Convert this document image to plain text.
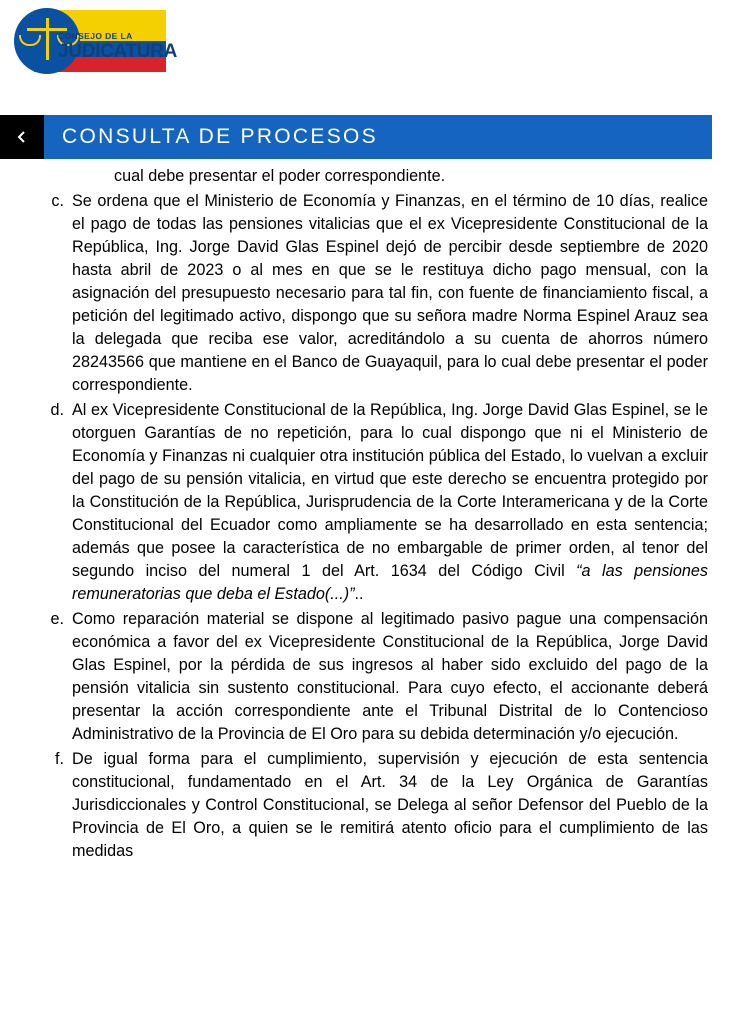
CONSEJO DE LA
JUDICATURA
CONSULTA DE PROCESOS

cual debe presentar el poder correspondiente.

c. Se ordena que el Ministerio de Economía y Finanzas, en el término de 10 días, realice el pago de todas las pensiones vitalicias que el ex Vicepresidente Constitucional de la República, Ing. Jorge David Glas Espinel dejó de percibir desde septiembre de 2020 hasta abril de 2023 o al mes en que se le restituya dicho pago mensual, con la asignación del presupuesto necesario para tal fin, con fuente de financiamiento fiscal, a petición del legitimado activo, dispongo que su señora madre Norma Espinel Arauz sea la delegada que reciba ese valor, acreditándolo a su cuenta de ahorros número 28243566 que mantiene en el Banco de Guayaquil, para lo cual debe presentar el poder correspondiente.
d. Al ex Vicepresidente Constitucional de la República, Ing. Jorge David Glas Espinel, se le otorguen Garantías de no repetición, para lo cual dispongo que ni el Ministerio de Economía y Finanzas ni cualquier otra institución pública del Estado, lo vuelvan a excluir del pago de su pensión vitalicia, en virtud que este derecho se encuentra protegido por la Constitución de la República, Jurisprudencia de la Corte Interamericana y de la Corte Constitucional del Ecuador como ampliamente se ha desarrollado en esta sentencia; además que posee la característica de no embargable de primer orden, al tenor del segundo inciso del numeral 1 del Art. 1634 del Código Civil “a las pensiones remuneratorias que deba el Estado(...)”..
e. Como reparación material se dispone al legitimado pasivo pague una compensación económica a favor del ex Vicepresidente Constitucional de la República, Jorge David Glas Espinel, por la pérdida de sus ingresos al haber sido excluido del pago de la pensión vitalicia sin sustento constitucional. Para cuyo efecto, el accionante deberá presentar la acción correspondiente ante el Tribunal Distrital de lo Contencioso Administrativo de la Provincia de El Oro para su debida determinación y/o ejecución.
f. De igual forma para el cumplimiento, supervisión y ejecución de esta sentencia constitucional, fundamentado en el Art. 34 de la Ley Orgánica de Garantías Jurisdiccionales y Control Constitucional, se Delega al señor Defensor del Pueblo de la Provincia de El Oro, a quien se le remitirá atento oficio para el cumplimiento de las medidas
